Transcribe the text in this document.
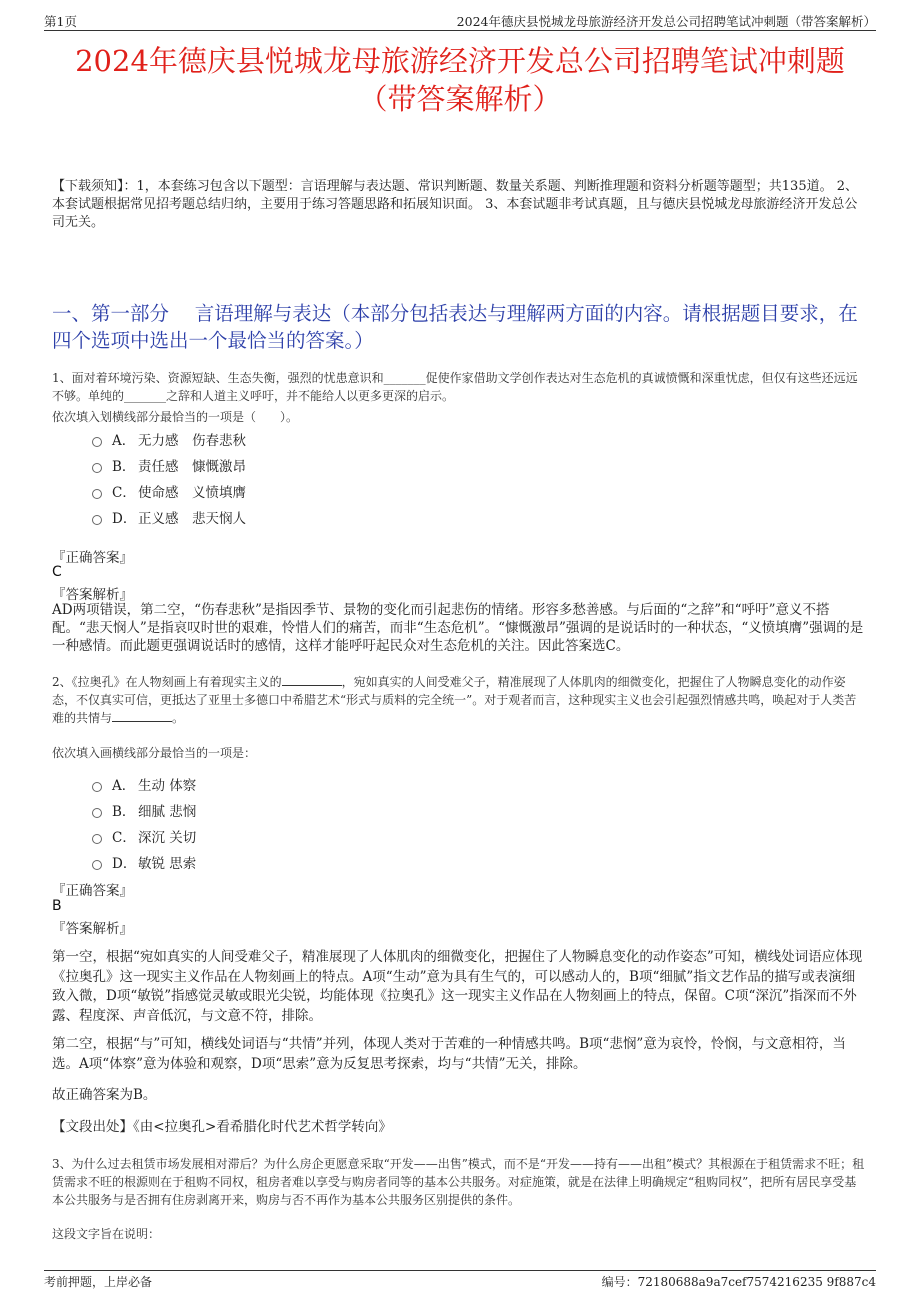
第1页	2024年德庆县悦城龙母旅游经济开发总公司招聘笔试冲刺题（带答案解析）
2024年德庆县悦城龙母旅游经济开发总公司招聘笔试冲刺题
（带答案解析）
【下载须知】：1，本套练习包含以下题型：言语理解与表达题、常识判断题、数量关系题、判断推理题和资料分析题等题型；共135道。 2、本套试题根据常见招考题总结归纳，主要用于练习答题思路和拓展知识面。 3、本套试题非考试真题，且与德庆县悦城龙母旅游经济开发总公司无关。
一、第一部分　 言语理解与表达（本部分包括表达与理解两方面的内容。请根据题目要求，在四个选项中选出一个最恰当的答案。）
1、面对着环境污染、资源短缺、生态失衡，强烈的忧患意识和_______促使作家借助文学创作表达对生态危机的真诚愤慨和深重忧虑，但仅有这些还远远不够。单纯的_______之辞和人道主义呼吁，并不能给人以更多更深的启示。
依次填入划横线部分最恰当的一项是（　　）。
A． 无力感　伤春悲秋
B． 责任感　慷慨激昂
C． 使命感　义愤填膺
D． 正义感　悲天悯人
『正确答案』
C
『答案解析』
AD两项错误，第二空，“伤春悲秋”是指因季节、景物的变化而引起悲伤的情绪。形容多愁善感。与后面的“之辞”和“呼吁”意义不搭配。“悲天悯人”是指哀叹时世的艰难，怜惜人们的痛苦，而非“生态危机”。“慷慨激昂”强调的是说话时的一种状态，“义愤填膺”强调的是一种感情。而此题更强调说话时的感情，这样才能呼吁起民众对生态危机的关注。因此答案选C。
2、《拉奥孔》在人物刻画上有着现实主义的	，宛如真实的人间受难父子，精准展现了人体肌肉的细微变化，把握住了人物瞬息变化的动作姿态，不仅真实可信，更抵达了亚里士多德口中希腊艺术“形式与质料的完全统一”。对于观者而言，这种现实主义也会引起强烈情感共鸣，唤起对于人类苦难的共情与	。
依次填入画横线部分最恰当的一项是：
A． 生动 体察
B． 细腻 悲悯
C． 深沉 关切
D． 敏锐 思索
『正确答案』
B
『答案解析』
第一空，根据“宛如真实的人间受难父子，精准展现了人体肌肉的细微变化，把握住了人物瞬息变化的动作姿态”可知，横线处词语应体现《拉奥孔》这一现实主义作品在人物刻画上的特点。A项“生动”意为具有生气的，可以感动人的，B项“细腻”指文艺作品的描写或表演细致入微，D项“敏锐”指感觉灵敏或眼光尖锐，均能体现《拉奥孔》这一现实主义作品在人物刻画上的特点，保留。C项“深沉”指深而不外露、程度深、声音低沉，与文意不符，排除。
第二空，根据“与”可知，横线处词语与“共情”并列，体现人类对于苦难的一种情感共鸣。B项“悲悯”意为哀怜，怜悯，与文意相符，当选。A项“体察”意为体验和观察，D项“思索”意为反复思考探索，均与“共情”无关，排除。
故正确答案为B。
【文段出处】《由<拉奥孔>看希腊化时代艺术哲学转向》
3、为什么过去租赁市场发展相对滞后？为什么房企更愿意采取“开发——出售”模式，而不是“开发——持有——出租”模式？其根源在于租赁需求不旺；租赁需求不旺的根源则在于租购不同权，租房者难以享受与购房者同等的基本公共服务。对症施策，就是在法律上明确规定“租购同权”，把所有居民享受基本公共服务与是否拥有住房剥离开来，购房与否不再作为基本公共服务区别提供的条件。
这段文字旨在说明：
考前押题，上岸必备	编号：72180688a9a7cef7574216235 9f887c4
